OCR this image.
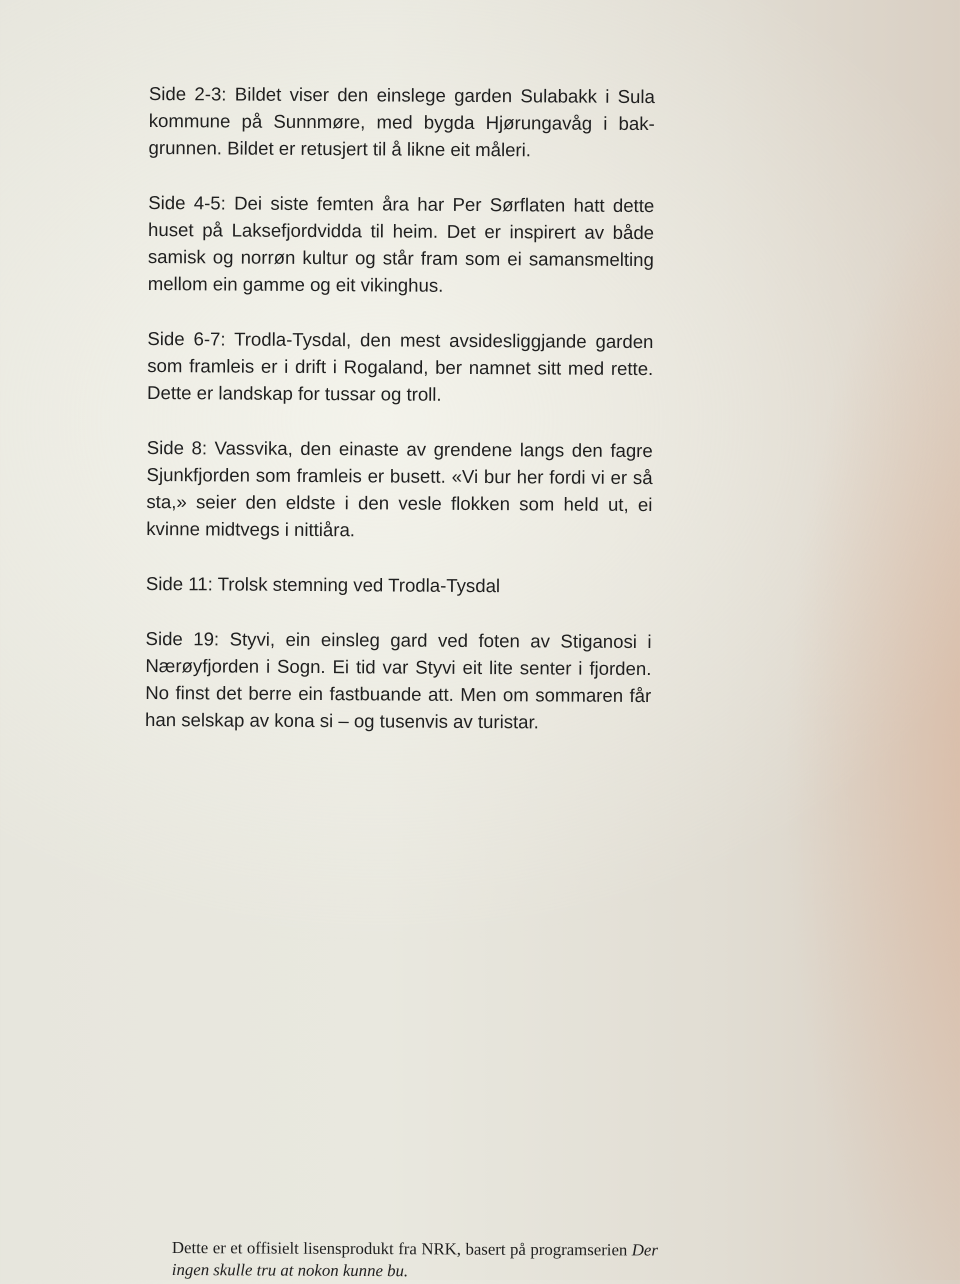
Side 2-3: Bildet viser den einslege garden Sulabakk i Sula kommune på Sunnmøre, med bygda Hjørungavåg i bakgrunnen. Bildet er retusjert til å likne eit måleri.

Side 4-5: Dei siste femten åra har Per Sørflaten hatt dette huset på Laksefjordvidda til heim. Det er inspirert av både samisk og norrøn kultur og står fram som ei samansmelting mellom ein gamme og eit vikinghus.

Side 6-7: Trodla-Tysdal, den mest avsidesliggjande garden som framleis er i drift i Rogaland, ber namnet sitt med rette. Dette er landskap for tussar og troll.

Side 8: Vassvika, den einaste av grendene langs den fagre Sjunkfjorden som framleis er busett. «Vi bur her fordi vi er så sta,» seier den eldste i den vesle flokken som held ut, ei kvinne midtvegs i nittiåra.

Side 11: Trolsk stemning ved Trodla-Tysdal

Side 19: Styvi, ein einsleg gard ved foten av Stiganosi i Nærøyfjorden i Sogn. Ei tid var Styvi eit lite senter i fjorden. No finst det berre ein fastbuande att. Men om sommaren får han selskap av kona si – og tusenvis av turistar.

Dette er et offisielt lisensprodukt fra NRK, basert på programserien Der ingen skulle tru at nokon kunne bu.
